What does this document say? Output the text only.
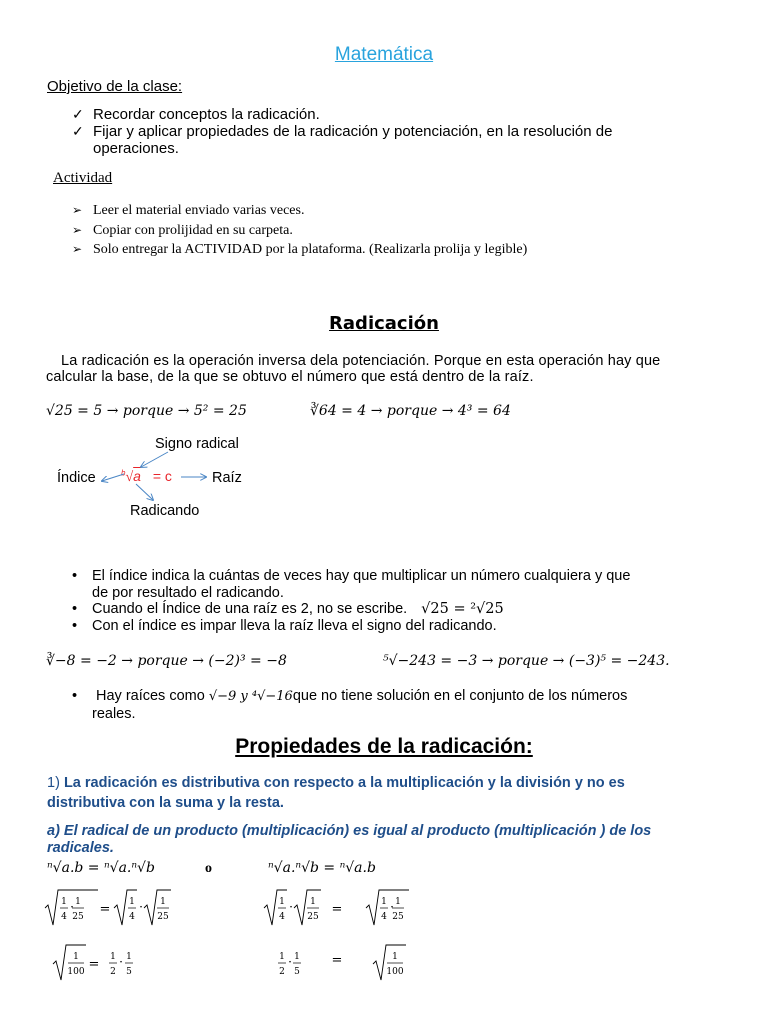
Matemática
Objetivo de la clase:
✓ Recordar conceptos la radicación.
✓ Fijar y aplicar propiedades de la radicación y potenciación, en la resolución de
operaciones.
Actividad
➢ Leer el material enviado varias veces.
➢ Copiar con prolijidad en su carpeta.
➢ Solo entregar la ACTIVIDAD por la plataforma. (Realizarla prolija y legible)
Radicación
La radicación es la operación inversa dela potenciación. Porque en esta operación hay que
calcular la base, de la que se obtuvo el número que está dentro de la raíz.
√25 = 5 → porque → 5² = 25	∛64 = 4 → porque → 4³ = 64
Signo radical
Índice	$^b$√a = c	Raíz
Radicando
• El índice indica la cuántas de veces hay que multiplicar un número cualquiera y que
de por resultado el radicando.
• Cuando el Índice de una raíz es 2, no se escribe. √25 = ²√25
• Con el índice es impar lleva la raíz lleva el signo del radicando.
∛−8 = −2 → porque → (−2)³ = −8	⁵√−243 = −3 → porque → (−3)⁵ = −243.
• Hay raíces como √−9 y ⁴√−16que no tiene solución en el conjunto de los números
reales.
Propiedades de la radicación:
1) La radicación es distributiva con respecto a la multiplicación y la división y no es
distributiva con la suma y la resta.
a) El radical de un producto (multiplicación) es igual al producto (multiplicación ) de los
radicales.
ⁿ√a.b = ⁿ√a.ⁿ√b	o	ⁿ√a.ⁿ√b = ⁿ√a.b
1
4
· 1
25 = 1
4
· 1
25
1
4
· 1
25 =	1
4
· 1
25
1
100 = 1
2
· 1
5
1
2
· 1
5
=	1
100
